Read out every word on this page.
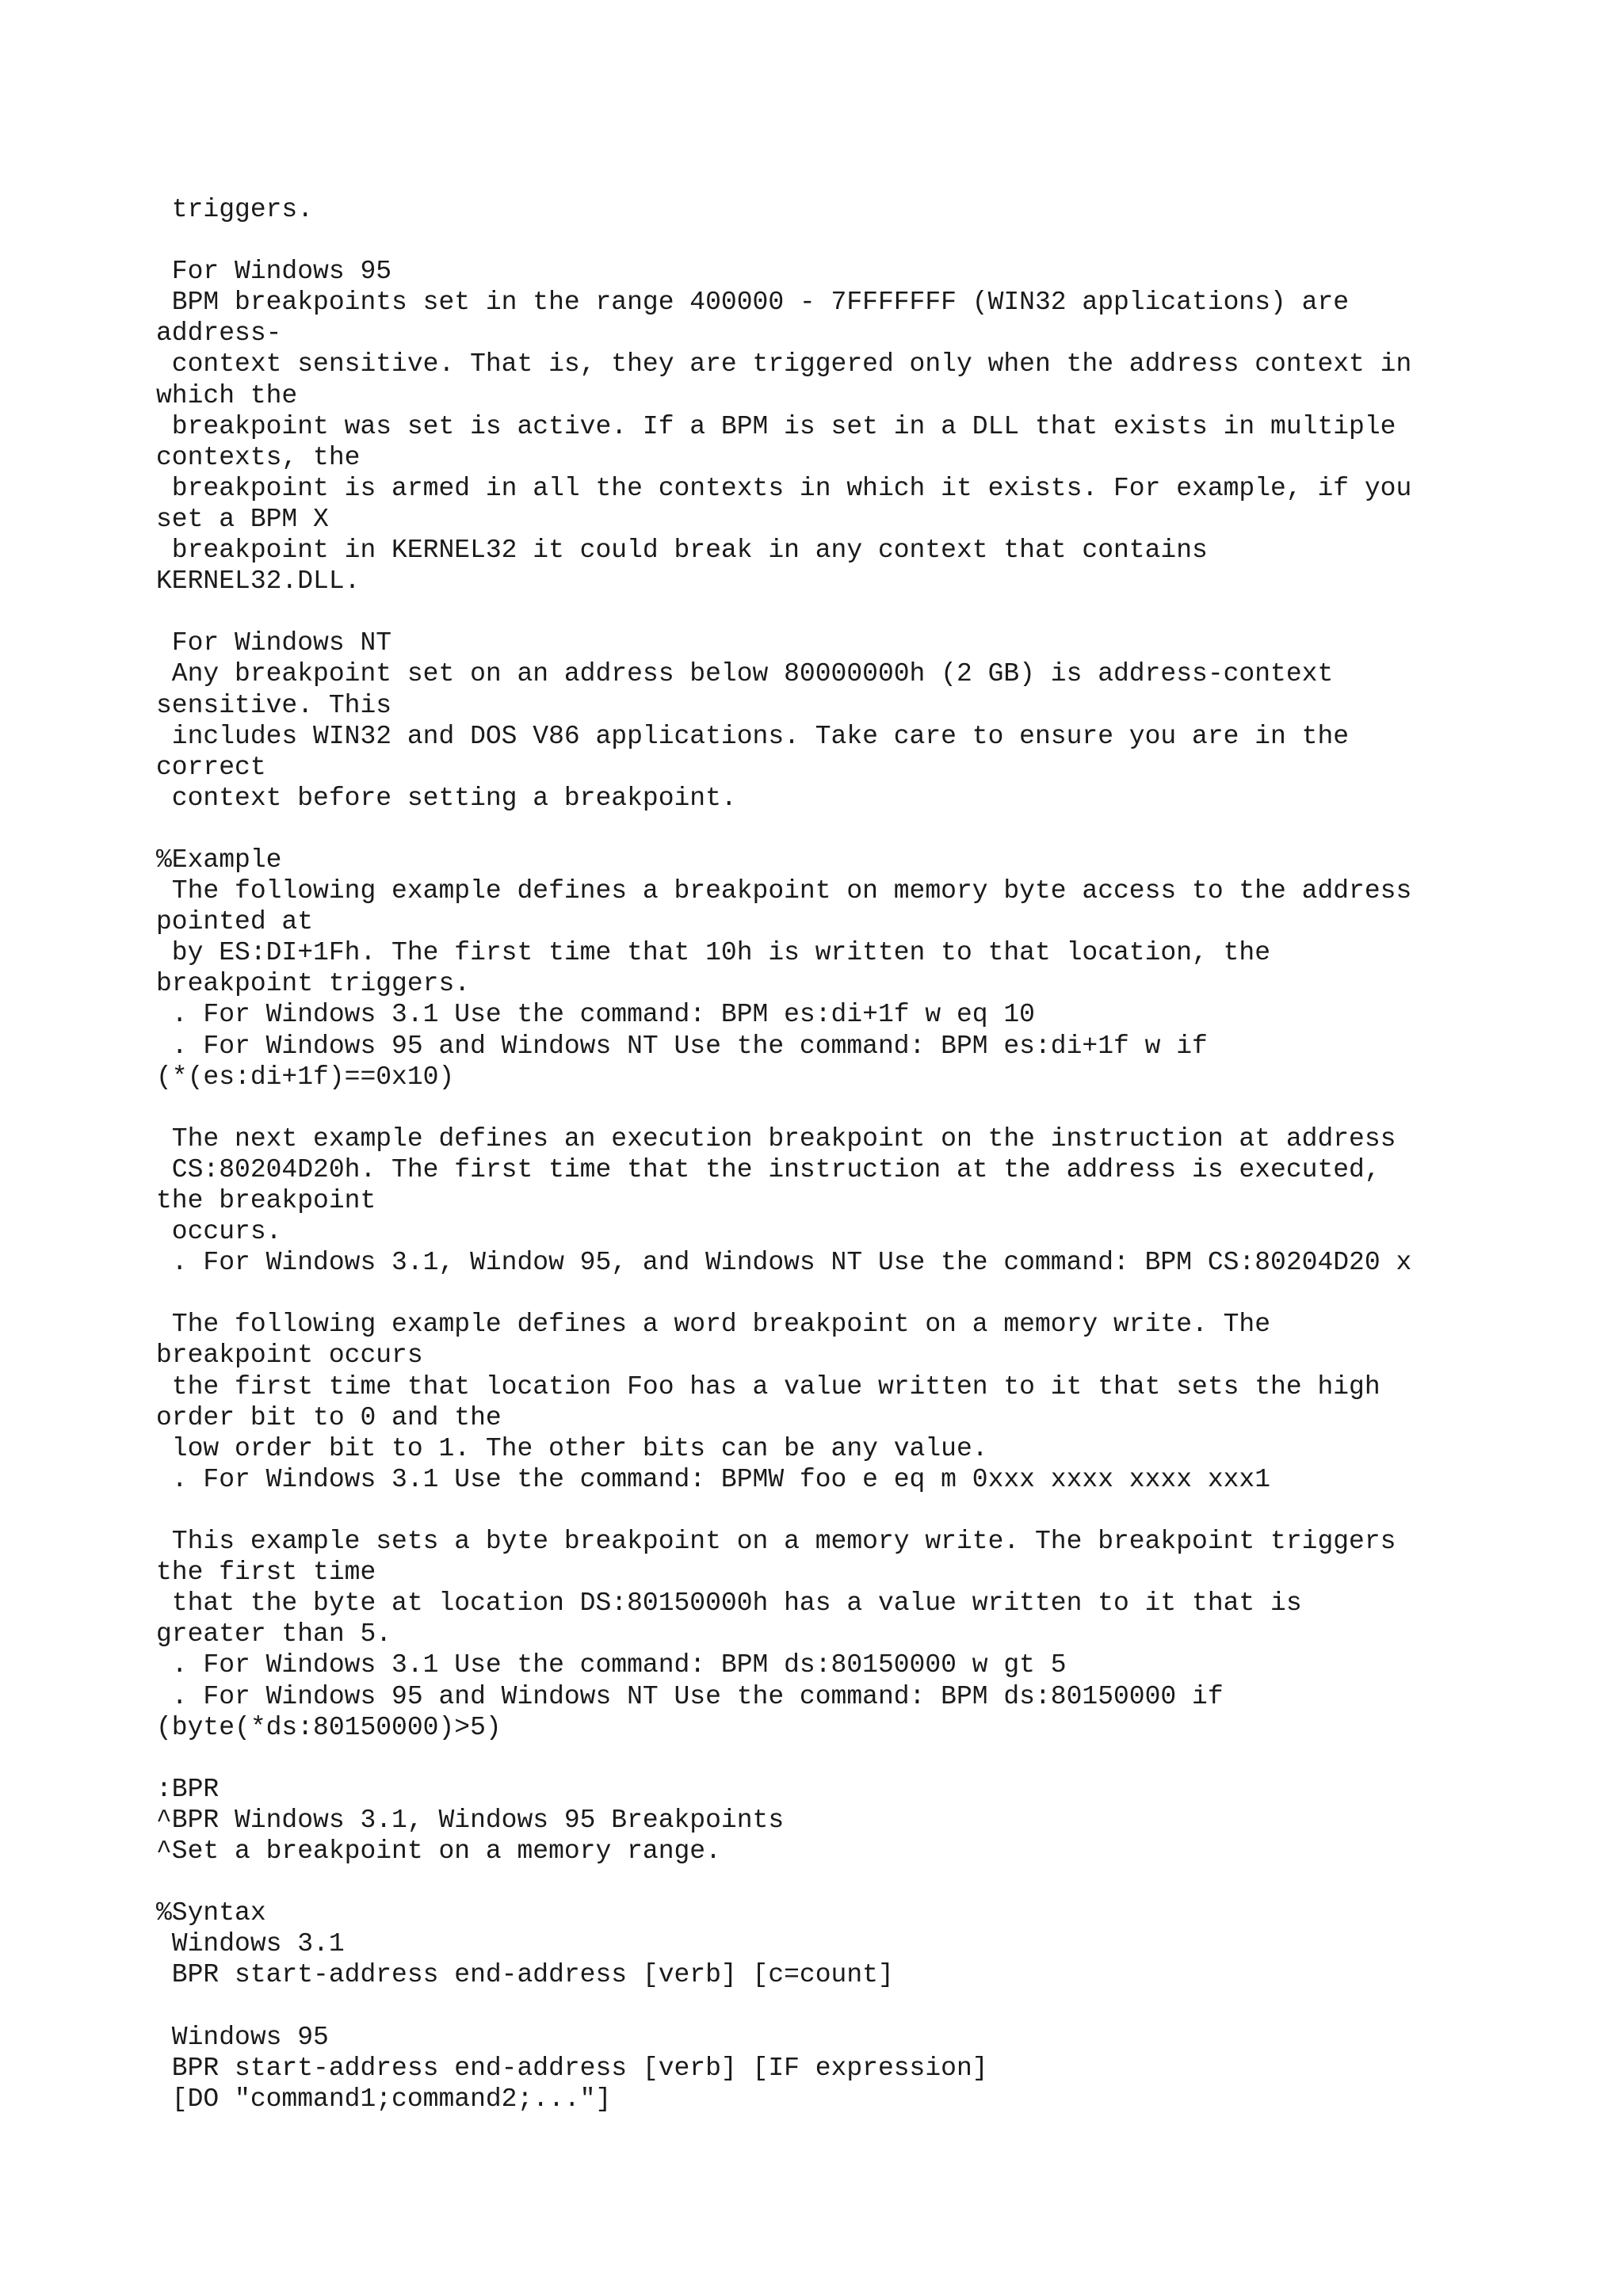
triggers.
For Windows 95
BPM breakpoints set in the range 400000 - 7FFFFFFF (WIN32 applications) are
address-
context sensitive. That is, they are triggered only when the address context in
which the
breakpoint was set is active. If a BPM is set in a DLL that exists in multiple
contexts, the
breakpoint is armed in all the contexts in which it exists. For example, if you
set a BPM X
breakpoint in KERNEL32 it could break in any context that contains
KERNEL32.DLL.
For Windows NT
Any breakpoint set on an address below 80000000h (2 GB) is address-context
sensitive. This
includes WIN32 and DOS V86 applications. Take care to ensure you are in the
correct
context before setting a breakpoint.
%Example
The following example defines a breakpoint on memory byte access to the address
pointed at
by ES:DI+1Fh. The first time that 10h is written to that location, the
breakpoint triggers.
. For Windows 3.1 Use the command: BPM es:di+1f w eq 10
. For Windows 95 and Windows NT Use the command: BPM es:di+1f w if
(*(es:di+1f)==0x10)
The next example defines an execution breakpoint on the instruction at address
CS:80204D20h. The first time that the instruction at the address is executed,
the breakpoint
occurs.
. For Windows 3.1, Window 95, and Windows NT Use the command: BPM CS:80204D20 x
The following example defines a word breakpoint on a memory write. The
breakpoint occurs
the first time that location Foo has a value written to it that sets the high
order bit to 0 and the
low order bit to 1. The other bits can be any value.
. For Windows 3.1 Use the command: BPMW foo e eq m 0xxx xxxx xxxx xxx1
This example sets a byte breakpoint on a memory write. The breakpoint triggers
the first time
that the byte at location DS:80150000h has a value written to it that is
greater than 5.
. For Windows 3.1 Use the command: BPM ds:80150000 w gt 5
. For Windows 95 and Windows NT Use the command: BPM ds:80150000 if
(byte(*ds:80150000)>5)
:BPR
^BPR Windows 3.1, Windows 95 Breakpoints
^Set a breakpoint on a memory range.
%Syntax
Windows 3.1
BPR start-address end-address [verb] [c=count]
Windows 95
BPR start-address end-address [verb] [IF expression]
[DO "command1;command2;..."]
